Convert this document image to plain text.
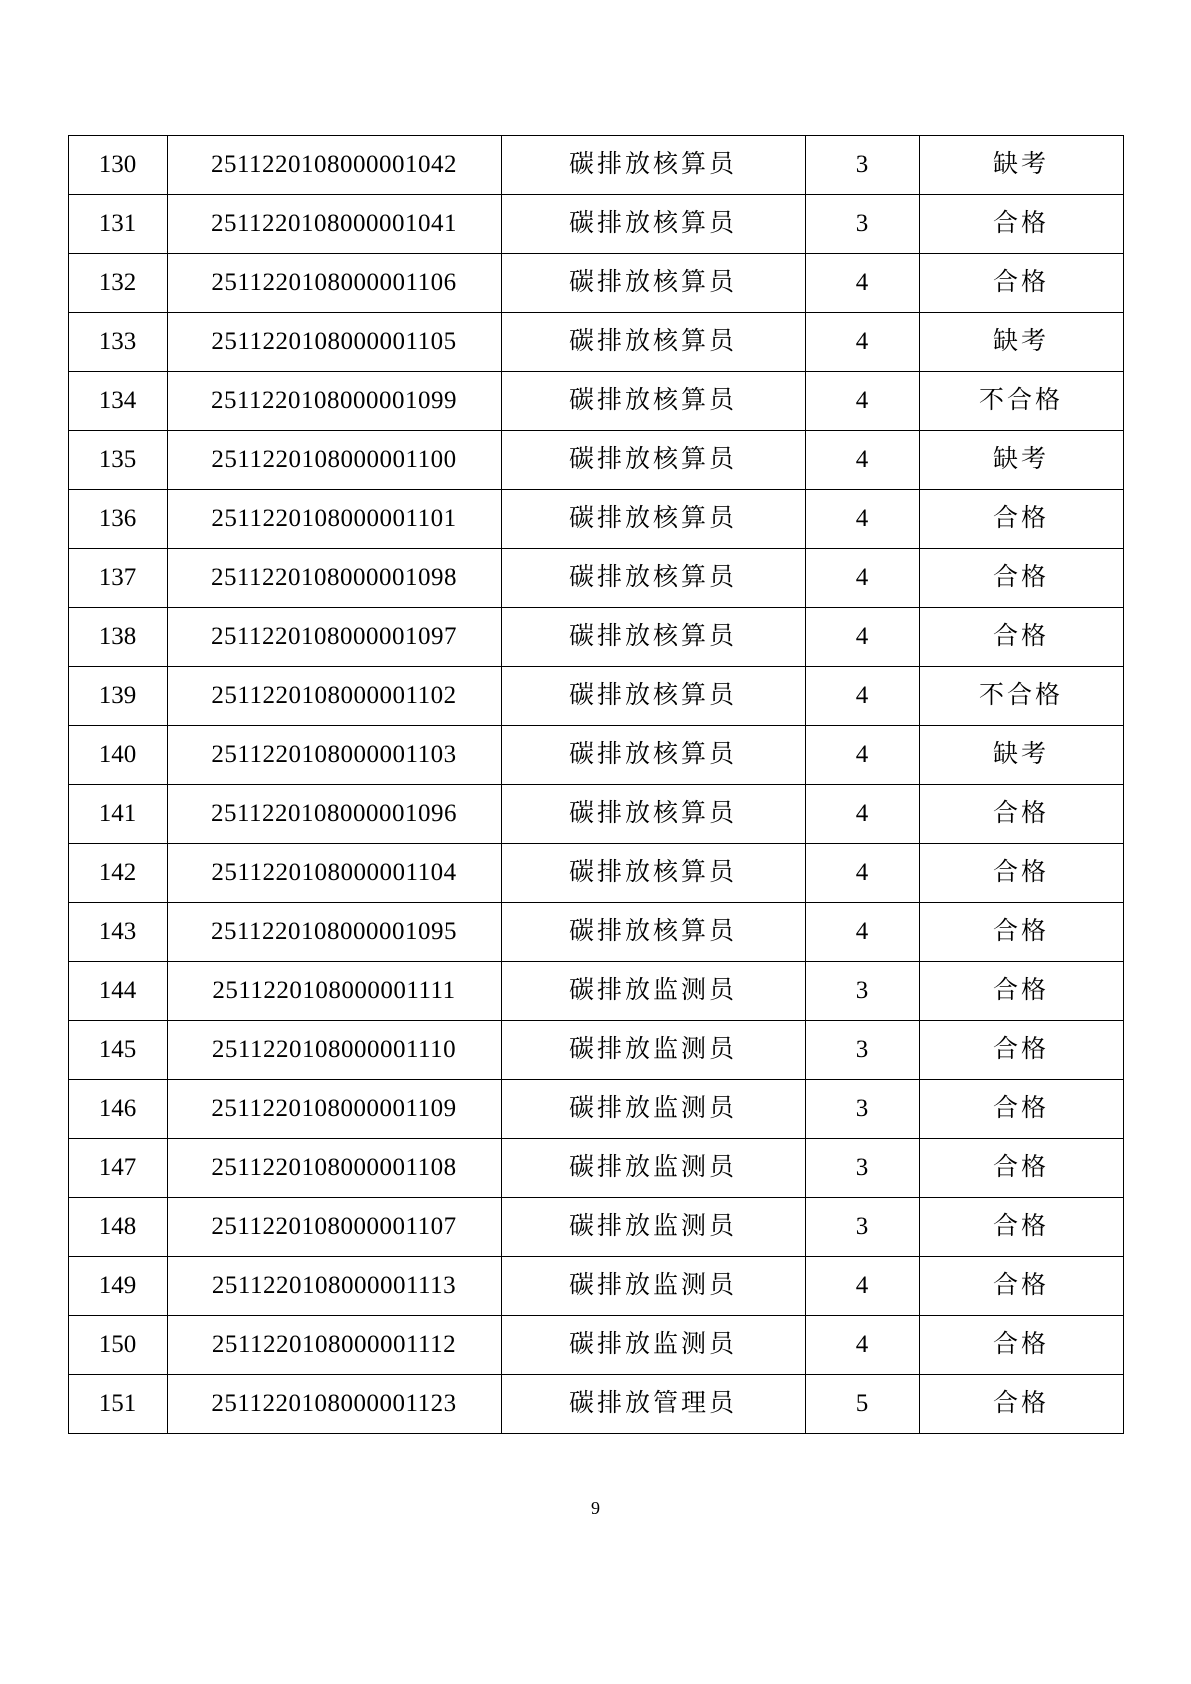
130	251122010800000104​2	碳排放核算员	3	缺考
131	2511220108000001041	碳排放核算员	3	合格
132	2511220108000001106	碳排放核算员	4	合格
133	2511220108000001105	碳排放核算员	4	缺考
134	2511220108000001099	碳排放核算员	4	不合格
135	2511220108000001100	碳排放核算员	4	缺考
136	2511220108000001101	碳排放核算员	4	合格
137	2511220108000001098	碳排放核算员	4	合格
138	2511220108000001097	碳排放核算员	4	合格
139	2511220108000001102	碳排放核算员	4	不合格
140	2511220108000001103	碳排放核算员	4	缺考
141	2511220108000001096	碳排放核算员	4	合格
142	2511220108000001104	碳排放核算员	4	合格
143	2511220108000001095	碳排放核算员	4	合格
144	2511220108000001111	碳排放监测员	3	合格
145	2511220108000001110	碳排放监测员	3	合格
146	2511220108000001109	碳排放监测员	3	合格
147	2511220108000001108	碳排放监测员	3	合格
148	2511220108000001107	碳排放监测员	3	合格
149	2511220108000001113	碳排放监测员	4	合格
150	2511220108000001112	碳排放监测员	4	合格
151	2511220108000001123	碳排放管理员	5	合格
9
